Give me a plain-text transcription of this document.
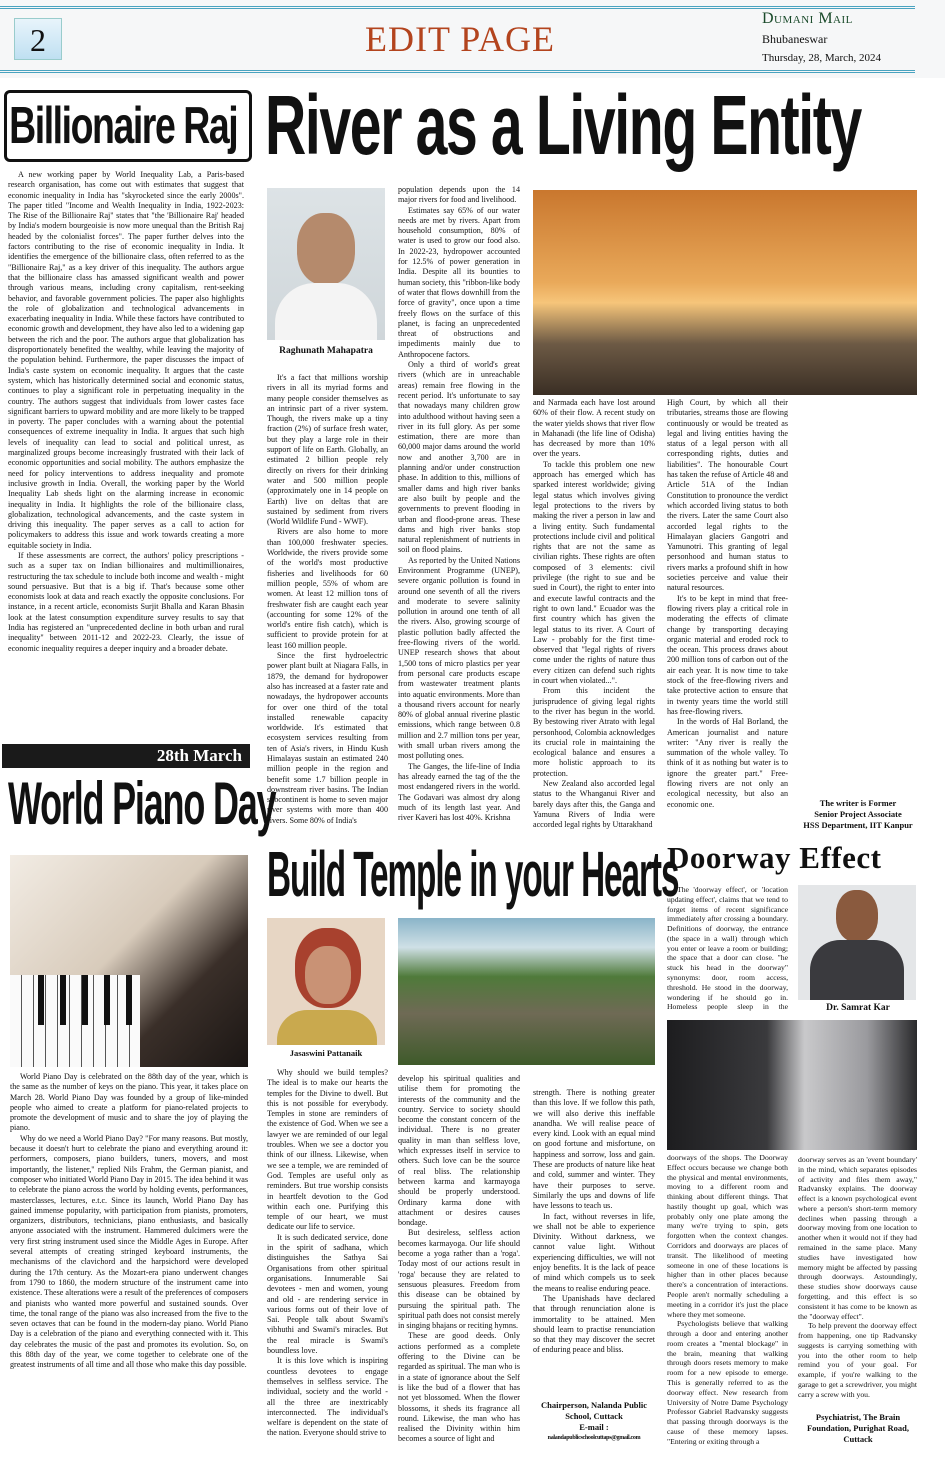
2	EDIT PAGE
Dumani Mail
Bhubaneswar
Thursday, 28, March, 2024
Billionaire Raj

A new working paper by World Inequality Lab, a Paris-based research organisation, has come out with estimates that suggest that economic inequality in India has "skyrocketed since the early 2000s". The paper titled "Income and Wealth Inequality in India, 1922-2023: The Rise of the Billionaire Raj" states that "the 'Billionaire Raj' headed by India's modern bourgeoisie is now more unequal than the British Raj headed by the colonialist forces". The paper further delves into the factors contributing to the rise of economic inequality in India. It identifies the emergence of the billionaire class, often referred to as the "Billionaire Raj," as a key driver of this inequality. The authors argue that the billionaire class has amassed significant wealth and power through various means, including crony capitalism, rent-seeking behavior, and favorable government policies. The paper also highlights the role of globalization and technological advancements in exacerbating inequality in India. While these factors have contributed to economic growth and development, they have also led to a widening gap between the rich and the poor. The authors argue that globalization has disproportionately benefited the wealthy, while leaving the majority of the population behind. Furthermore, the paper discusses the impact of India's caste system on economic inequality. It argues that the caste system, which has historically determined social and economic status, continues to play a significant role in perpetuating inequality in the country. The authors suggest that individuals from lower castes face significant barriers to upward mobility and are more likely to be trapped in poverty. The paper concludes with a warning about the potential consequences of extreme inequality in India. It argues that such high levels of inequality can lead to social and political unrest, as marginalized groups become increasingly frustrated with their lack of economic opportunities and social mobility. The authors emphasize the need for policy interventions to address inequality and promote inclusive growth in India. Overall, the working paper by the World Inequality Lab sheds light on the alarming increase in economic inequality in India. It highlights the role of the billionaire class, globalization, technological advancements, and the caste system in driving this inequality. The paper serves as a call to action for policymakers to address this issue and work towards creating a more equitable society in India.

If these assessments are correct, the authors' policy prescriptions - such as a super tax on Indian billionaires and multimillionaires, restructuring the tax schedule to include both income and wealth - might sound persuasive. But that is a big if. That's because some other economists look at data and reach exactly the opposite conclusions. For instance, in a recent article, economists Surjit Bhalla and Karan Bhasin look at the latest consumption expenditure survey results to say that India has registered an "unprecedented decline in both urban and rural inequality" between 2011-12 and 2022-23. Clearly, the issue of economic inequality requires a deeper inquiry and a broader debate.

28th March
World Piano Day

World Piano Day is celebrated on the 88th day of the year, which is the same as the number of keys on the piano. This year, it takes place on March 28. World Piano Day was founded by a group of like-minded people who aimed to create a platform for piano-related projects to promote the development of music and to share the joy of playing the piano.

Why do we need a World Piano Day? "For many reasons. But mostly, because it doesn't hurt to celebrate the piano and everything around it: performers, composers, piano builders, tuners, movers, and most importantly, the listener," replied Nils Frahm, the German pianist, and composer who initiated World Piano Day in 2015. The idea behind it was to celebrate the piano across the world by holding events, performances, masterclasses, lectures, e.t.c. Since its launch, World Piano Day has gained immense popularity, with participation from pianists, promoters, organizers, distributors, technicians, piano enthusiasts, and basically anyone associated with the instrument. Hammered dulcimers were the very first string instrument used since the Middle Ages in Europe. After several attempts of creating stringed keyboard instruments, the mechanisms of the clavichord and the harpsichord were developed during the 17th century. As the Mozart-era piano underwent changes from 1790 to 1860, the modern structure of the instrument came into existence. These alterations were a result of the preferences of composers and pianists who wanted more powerful and sustained sounds. Over time, the tonal range of the piano was also increased from the five to the seven octaves that can be found in the modern-day piano. World Piano Day is a celebration of the piano and everything connected with it. This day celebrates the music of the past and promotes its evolution. So, on this 88th day of the year, we come together to celebrate one of the greatest instruments of all time and all those who make this day possible.

River as a Living Entity
Raghunath Mahapatra

It's a fact that millions worship rivers in all its myriad forms and many people consider themselves as an intrinsic part of a river system. Though, the rivers make up a tiny fraction (2%) of surface fresh water, but they play a large role in their support of life on Earth. Globally, an estimated 2 billion people rely directly on rivers for their drinking water and 500 million people (approximately one in 14 people on Earth) live on deltas that are sustained by sediment from rivers (World Wildlife Fund - WWF).

Rivers are also home to more than 100,000 freshwater species. Worldwide, the rivers provide some of the world's most productive fisheries and livelihoods for 60 million people, 55% of whom are women. At least 12 million tons of freshwater fish are caught each year (accounting for some 12% of the world's entire fish catch), which is sufficient to provide protein for at least 160 million people.

Since the first hydroelectric power plant built at Niagara Falls, in 1879, the demand for hydropower also has increased at a faster rate and nowadays, the hydropower accounts for over one third of the total installed renewable capacity worldwide. It's estimated that ecosystem services resulting from ten of Asia's rivers, in Hindu Kush Himalayas sustain an estimated 240 million people in the region and benefit some 1.7 billion people in downstream river basins. The Indian subcontinent is home to seven major river systems with more than 400 rivers. Some 80% of India's

population depends upon the 14 major rivers for food and livelihood.

Estimates say 65% of our water needs are met by rivers. Apart from household consumption, 80% of water is used to grow our food also. In 2022-23, hydropower accounted for 12.5% of power generation in India. Despite all its bounties to human society, this "ribbon-like body of water that flows downhill from the force of gravity", once upon a time freely flows on the surface of this planet, is facing an unprecedented threat of obstructions and impediments mainly due to Anthropocene factors.

Only a third of world's great rivers (which are in unreachable areas) remain free flowing in the recent period. It's unfortunate to say that nowadays many children grow into adulthood without having seen a river in its full glory. As per some estimation, there are more than 60,000 major dams around the world now and another 3,700 are in planning and/or under construction phase. In addition to this, millions of smaller dams and high river banks are also built by people and the governments to prevent flooding in urban and flood-prone areas. These dams and high river banks stop natural replenishment of nutrients in soil on flood plains.

As reported by the United Nations Environment Programme (UNEP), severe organic pollution is found in around one seventh of all the rivers and moderate to severe salinity pollution in around one tenth of all the rivers. Also, growing scourge of plastic pollution badly affected the free-flowing rivers of the world. UNEP research shows that about 1,500 tons of micro plastics per year from personal care products escape from wastewater treatment plants into aquatic environments. More than a thousand rivers account for nearly 80% of global annual riverine plastic emissions, which range between 0.8 million and 2.7 million tons per year, with small urban rivers among the most polluting ones.

The Ganges, the life-line of India has already earned the tag of the the most endangered rivers in the world. The Godavari was almost dry along much of its length last year. And river Kaveri has lost 40%. Krishna

and Narmada each have lost around 60% of their flow. A recent study on the water yields shows that river flow in Mahanadi (the life line of Odisha) has decreased by more than 10% over the years.

To tackle this problem one new approach has emerged which has sparked interest worldwide; giving legal status which involves giving legal protections to the rivers by making the river a person in law and a living entity. Such fundamental protections include civil and political rights that are not the same as civilian rights. These rights are often composed of 3 elements: civil privilege (the right to sue and be sued in Court), the right to enter into and execute lawful contracts and the right to own land." Ecuador was the first country which has given the legal status to its river. A Court of Law - probably for the first time-observed that "legal rights of rivers come under the rights of nature thus every citizen can defend such rights in court when violated...".

From this incident the jurisprudence of giving legal rights to the river has begun in the world. By bestowing river Atrato with legal personhood, Colombia acknowledges its crucial role in maintaining the ecological balance and ensures a more holistic approach to its protection.

New Zealand also accorded legal status to the Whanganui River and barely days after this, the Ganga and Yamuna Rivers of India were accorded legal rights by Uttarakhand

High Court, by which all their tributaries, streams those are flowing continuously or would be treated as legal and living entities having the status of a legal person with all corresponding rights, duties and liabilities". The honourable Court has taken the refuse of Article 48 and Article 51A of the Indian Constitution to pronounce the verdict which accorded living status to both the rivers. Later the same Court also accorded legal rights to the Himalayan glaciers Gangotri and Yamunotri. This granting of legal personhood and human status to rivers marks a profound shift in how societies perceive and value their natural resources.

It's to be kept in mind that free-flowing rivers play a critical role in moderating the effects of climate change by transporting decaying organic material and eroded rock to the ocean. This process draws about 200 million tons of carbon out of the air each year. It is now time to take stock of the free-flowing rivers and take protective action to ensure that in twenty years time the world still has free-flowing rivers.

In the words of Hal Borland, the American journalist and nature writer: "Any river is really the summation of the whole valley. To think of it as nothing but water is to ignore the greater part." Free-flowing rivers are not only an ecological necessity, but also an economic one.	The writer is Former
Senior Project Associate
HSS Department, IIT Kanpur
Build Temple in your Hearts
Jasaswini Pattanaik

Why should we build temples? The ideal is to make our hearts the temples for the Divine to dwell. But this is not possible for everybody. Temples in stone are reminders of the existence of God. When we see a lawyer we are reminded of our legal troubles. When we see a doctor you think of our illness. Likewise, when we see a temple, we are reminded of God. Temples are useful only as reminders. But true worship consists in heartfelt devotion to the God within each one. Purifying this temple of our heart, we must dedicate our life to service.

It is such dedicated service, done in the spirit of sadhana, which distinguishes the Sathya Sai Organisations from other spiritual organisations. Innumerable Sai devotees - men and women, young and old - are rendering service in various forms out of their love of Sai. People talk about Swami's vibhuthi and Swami's miracles. But the real miracle is Swami's boundless love.

It is this love which is inspiring countless devotees to engage themselves in selfless service. The individual, society and the world - all the three are inextricably interconnected. The individual's welfare is dependent on the state of the nation. Everyone should strive to

develop his spiritual qualities and utilise them for promoting the interests of the community and the country. Service to society should become the constant concern of the individual. There is no greater quality in man than selfless love, which expresses itself in service to others. Such love can be the source of real bliss. The relationship between karma and karmayoga should be properly understood. Ordinary karma done with attachment or desires causes bondage.

But desireless, selfless action becomes karmayoga. Our life should become a yoga rather than a 'roga'. Today most of our actions result in 'roga' because they are related to sensuous pleasures. Freedom from this disease can be obtained by pursuing the spiritual path. The spiritual path does not consist merely in singing bhajans or reciting hymns.

These are good deeds. Only actions performed as a complete offering to the Divine can be regarded as spiritual. The man who is in a state of ignorance about the Self is like the bud of a flower that has not yet blossomed. When the flower blossoms, it sheds its fragrance all round. Likewise, the man who has realised the Divinity within him becomes a source of light and

strength. There is nothing greater than this love. If we follow this path, we will also derive this ineffable anandha. We will realise peace of every kind. Look with an equal mind on good fortune and misfortune, on happiness and sorrow, loss and gain. These are products of nature like heat and cold, summer and winter. They have their purposes to serve. Similarly the ups and downs of life have lessons to teach us.

In fact, without reverses in life, we shall not be able to experience Divinity. Without darkness, we cannot value light. Without experiencing difficulties, we will not enjoy benefits. It is the lack of peace of mind which compels us to seek the means to realise enduring peace.

The Upanishads have declared that through renunciation alone is immortality to be attained. Men should learn to practise renunciation so that they may discover the secret of enduring peace and bliss.

Chairperson, Nalanda Public
School, Cuttack
E-mail :
nalandapublicschoolcuttaps@gmail.com
Doorway Effect
Dr. Samrat Kar

The 'doorway effect', or 'location updating effect', claims that we tend to forget items of recent significance immediately after crossing a boundary. Definitions of doorway, the entrance (the space in a wall) through which you enter or leave a room or building; the space that a door can close. "he stuck his head in the doorway" synonyms: door, room access, threshold. He stood in the doorway, wondering if he should go in. Homeless people sleep in the doorways of the shops. The Doorway Effect occurs because we change both the physical and mental environments, moving to a different room and thinking about different things. That hastily thought up goal, which was probably only one plate among the many we're trying to spin, gets forgotten when the context changes. Corridors and doorways are places of transit. The likelihood of meeting someone in one of these locations is higher than in other places because there's a concentration of interactions. People aren't normally scheduling a meeting in a corridor it's just the place where they met someone.

Psychologists believe that walking through a door and entering another room creates a "mental blockage" in the brain, meaning that walking through doors resets memory to make room for a new episode to emerge. This is generally referred to as the doorway effect. New research from University of Notre Dame Psychology Professor Gabriel Radvansky suggests that passing through doorways is the cause of these memory lapses. "Entering or exiting through a

doorway serves as an 'event boundary' in the mind, which separates episodes of activity and files them away," Radvansky explains. The doorway effect is a known psychological event where a person's short-term memory declines when passing through a doorway moving from one location to another when it would not if they had remained in the same place. Many studies have investigated how memory might be affected by passing through doorways. Astoundingly, these studies show doorways cause forgetting, and this effect is so consistent it has come to be known as the "doorway effect".

To help prevent the doorway effect from happening, one tip Radvansky suggests is carrying something with you into the other room to help remind you of your goal. For example, if you're walking to the garage to get a screwdriver, you might carry a screw with you.

Psychiatrist, The Brain
Foundation, Purighat Road,
Cuttack
